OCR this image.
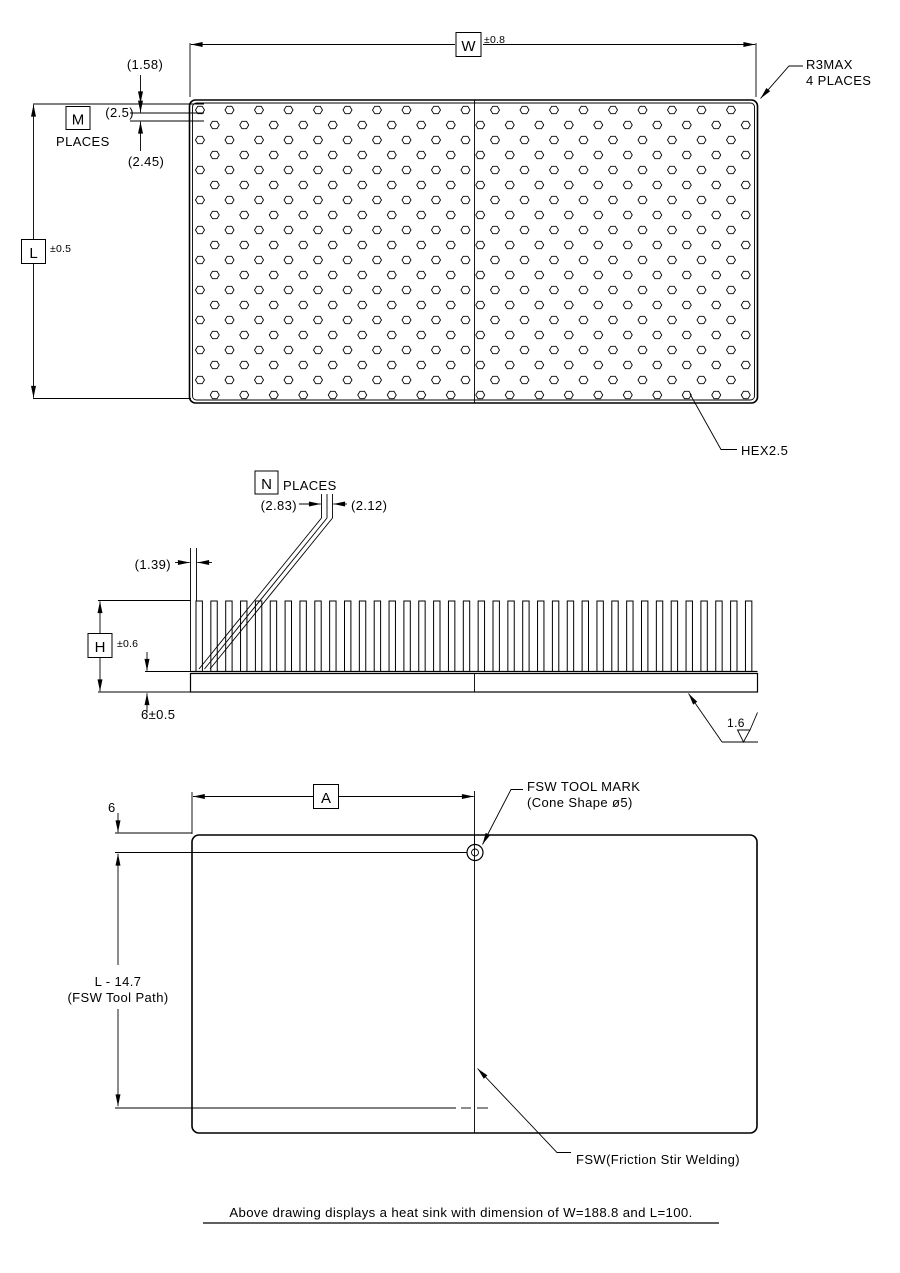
W ±0.8
R3MAX
4 PLACES
L ±0.5
(1.58)
(2.5)
(2.45)
M
PLACES
HEX2.5
(1.39)
N PLACES
(2.83)	(2.12)
H ±0.6
6±0.5
1.6
6
L - 14.7
(FSW Tool Path)
A
FSW TOOL MARK
(Cone Shape ø5)
FSW(Friction Stir Welding)
Above drawing displays a heat sink with dimension of W=188.8 and L=100.
